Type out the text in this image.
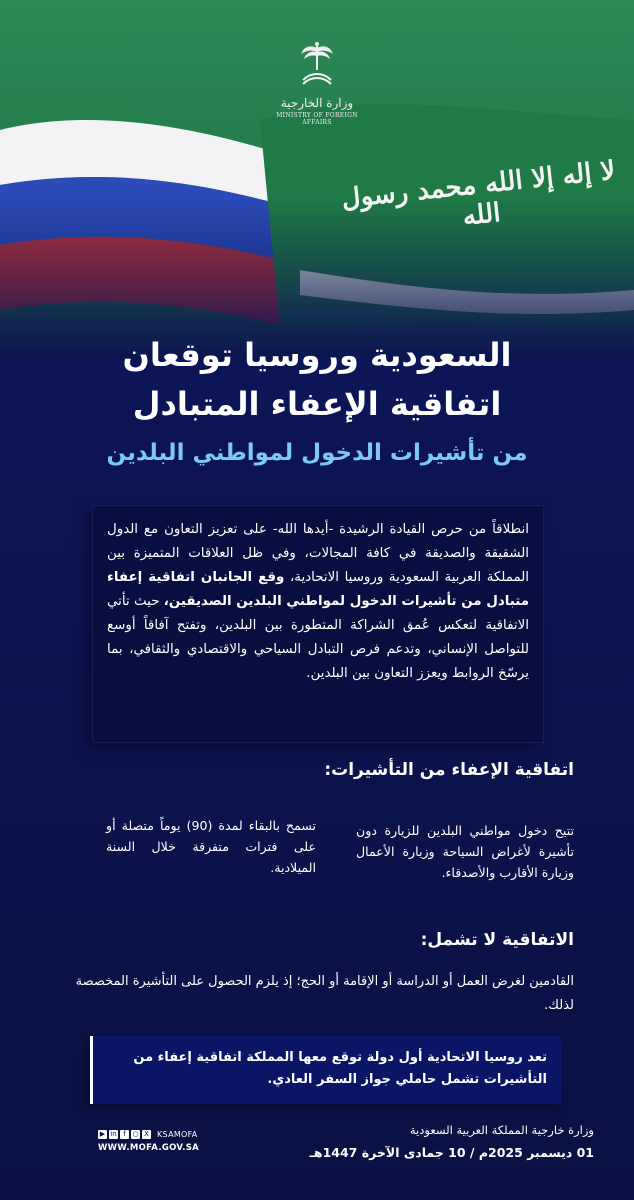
لا إله إلا الله محمد رسول الله
وزارة الخارجية
MINISTRY OF FOREIGN AFFAIRS
السعودية وروسيا توقعان
اتفاقية الإعفاء المتبادل
من تأشيرات الدخول لمواطني البلدين

انطلاقاً من حرص القيادة الرشيدة -أيدها الله- على تعزيز التعاون مع الدول الشقيقة والصديقة في كافة المجالات، وفي ظل العلاقات المتميزة بين المملكة العربية السعودية وروسيا الاتحادية، وقع الجانبان اتفاقية إعفاء متبادل من تأشيرات الدخول لمواطني البلدين الصديقين، حيث تأتي الاتفاقية لتعكس عُمق الشراكة المتطورة بين البلدين، وتفتح آفاقاً أوسع للتواصل الإنساني، وتدعم فرص التبادل السياحي والاقتصادي والثقافي، بما يرسّخ الروابط ويعزز التعاون بين البلدين.

اتفاقية الإعفاء من التأشيرات:
تتيح دخول مواطني البلدين للزيارة دون تأشيرة لأغراض السياحة وزيارة الأعمال وزيارة الأقارب والأصدقاء.
تسمح بالبقاء لمدة (90) يوماً متصلة أو على فترات متفرقة خلال السنة الميلادية.
الاتفاقية لا تشمل:
القادمين لغرض العمل أو الدراسة أو الإقامة أو الحج؛ إذ يلزم الحصول على التأشيرة المخصصة لذلك.

تعد روسيا الاتحادية أول دولة توقع معها المملكة اتفاقية إعفاء من التأشيرات تشمل حاملي جواز السفر العادي.

وزارة خارجية المملكة العربية السعودية
01 ديسمبر 2025م / 10 جمادى الآخرة 1447هـ
▶ in f ○ X KSAMOFA
WWW.MOFA.GOV.SA
